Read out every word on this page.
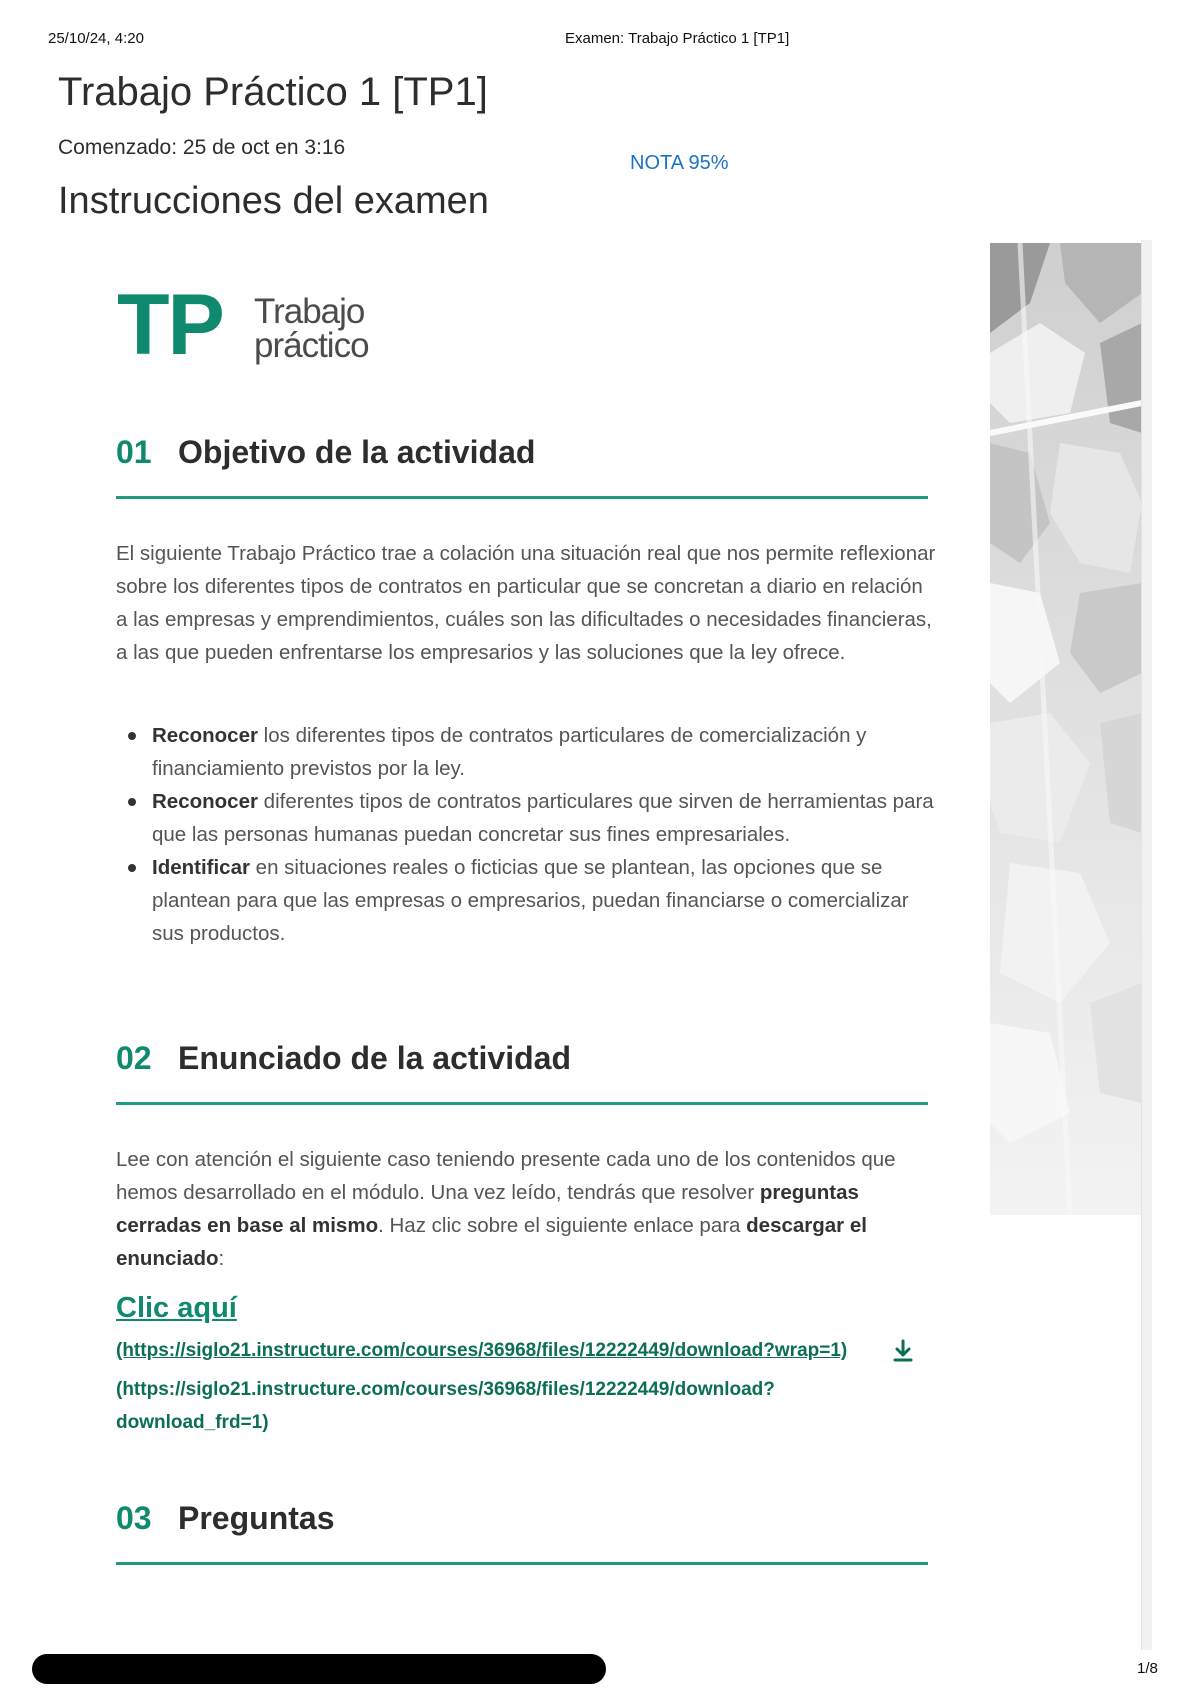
25/10/24, 4:20	Examen: Trabajo Práctico 1 [TP1]
Trabajo Práctico 1 [TP1]
Comenzado: 25 de oct en 3:16
NOTA 95%
Instrucciones del examen
TP Trabajo
práctico
01 Objetivo de la actividad
El siguiente Trabajo Práctico trae a colación una situación real que nos permite reflexionar sobre los diferentes tipos de contratos en particular que se concretan a diario en relación a las empresas y emprendimientos, cuáles son las dificultades o necesidades financieras, a las que pueden enfrentarse los empresarios y las soluciones que la ley ofrece.
Reconocer los diferentes tipos de contratos particulares de comercialización y financiamiento previstos por la ley.
Reconocer diferentes tipos de contratos particulares que sirven de herramientas para que las personas humanas puedan concretar sus fines empresariales.
Identificar en situaciones reales o ficticias que se plantean, las opciones que se plantean para que las empresas o empresarios, puedan financiarse o comercializar sus productos.
02 Enunciado de la actividad
Lee con atención el siguiente caso teniendo presente cada uno de los contenidos que hemos desarrollado en el módulo. Una vez leído, tendrás que resolver preguntas cerradas en base al mismo. Haz clic sobre el siguiente enlace para descargar el enunciado:
Clic aquí
(https://siglo21.instructure.com/courses/36968/files/12222449/download?wrap=1)
(https://siglo21.instructure.com/courses/36968/files/12222449/download?download_frd=1)
03 Preguntas
1/8
